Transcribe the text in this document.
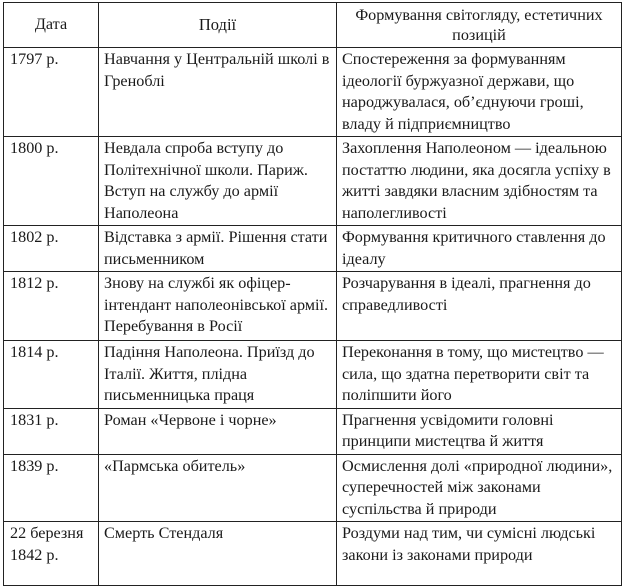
Дата	Події	Формування світогляду, естетичних позицій
1797 р.	Навчання у Центральній школі в Греноблі	Спостереження за формуванням ідеології буржуазної держави, що народжувалася, об’єднуючи гроші, владу й підприємництво
1800 р.	Невдала спроба вступу до Політехнічної школи. Париж. Вступ на службу до армії Наполеона	Захоплення Наполеоном — ідеальною постаттю людини, яка досягла успіху в житті завдяки власним здібностям та наполегливості
1802 р.	Відставка з армії. Рішення стати письменником	Формування критичного ставлення до ідеалу
1812 р.	Знову на службі як офіцер-інтендант наполеонівської армії. Перебування в Росії	Розчарування в ідеалі, прагнення до справедливості
1814 р.	Падіння Наполеона. Приїзд до Італії. Життя, плідна письменницька праця	Переконання в тому, що мистецтво — сила, що здатна перетворити світ та поліпшити його
1831 р.	Роман «Червоне і чорне»	Прагнення усвідомити головні принципи мистецтва й життя
1839 р.	«Пармська обитель»	Осмислення долі «природної людини», суперечностей між законами суспільства й природи
22 березня 1842 р.	Смерть Стендаля	Роздуми над тим, чи сумісні людські закони із законами природи
